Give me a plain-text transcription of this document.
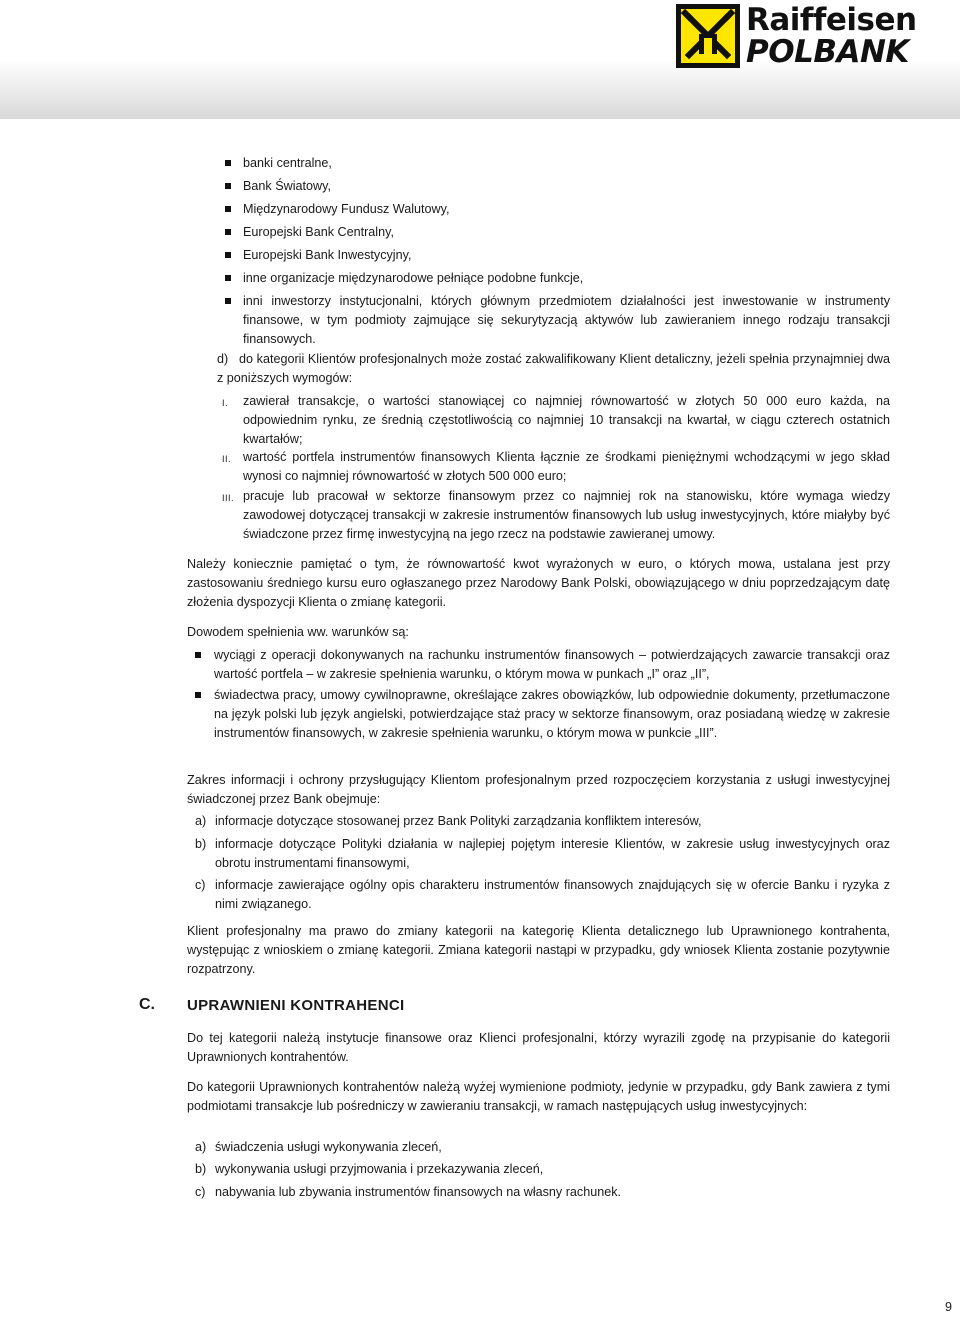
Raiffeisen
POLBANK

banki centralne,

Bank Światowy,

Międzynarodowy Fundusz Walutowy,

Europejski Bank Centralny,

Europejski Bank Inwestycyjny,

inne organizacje międzynarodowe pełniące podobne funkcje,

inni inwestorzy instytucjonalni, których głównym przedmiotem działalności jest inwestowanie w instrumenty finansowe, w tym podmioty zajmujące się sekurytyzacją aktywów lub zawieraniem innego rodzaju transakcji finansowych.

d) do kategorii Klientów profesjonalnych może zostać zakwalifikowany Klient detaliczny, jeżeli spełnia przynajmniej dwa z poniższych wymogów:

I. zawierał transakcje, o wartości stanowiącej co najmniej równowartość w złotych 50 000 euro każda, na odpowiednim rynku, ze średnią częstotliwością co najmniej 10 transakcji na kwartał, w ciągu czterech ostatnich kwartałów;

II. wartość portfela instrumentów finansowych Klienta łącznie ze środkami pieniężnymi wchodzącymi w jego skład wynosi co najmniej równowartość w złotych 500 000 euro;

III. pracuje lub pracował w sektorze finansowym przez co najmniej rok na stanowisku, które wymaga wiedzy zawodowej dotyczącej transakcji w zakresie instrumentów finansowych lub usług inwestycyjnych, które miałyby być świadczone przez firmę inwestycyjną na jego rzecz na podstawie zawieranej umowy.

Należy koniecznie pamiętać o tym, że równowartość kwot wyrażonych w euro, o których mowa, ustalana jest przy zastosowaniu średniego kursu euro ogłaszanego przez Narodowy Bank Polski, obowiązującego w dniu poprzedzającym datę złożenia dyspozycji Klienta o zmianę kategorii.

Dowodem spełnienia ww. warunków są:

wyciągi z operacji dokonywanych na rachunku instrumentów finansowych – potwierdzających zawarcie transakcji oraz wartość portfela – w zakresie spełnienia warunku, o którym mowa w punkach „I” oraz „II”,

świadectwa pracy, umowy cywilnoprawne, określające zakres obowiązków, lub odpowiednie dokumenty, przetłumaczone na język polski lub język angielski, potwierdzające staż pracy w sektorze finansowym, oraz posiadaną wiedzę w zakresie instrumentów finansowych, w zakresie spełnienia warunku, o którym mowa w punkcie „III”.

Zakres informacji i ochrony przysługujący Klientom profesjonalnym przed rozpoczęciem korzystania z usługi inwestycyjnej świadczonej przez Bank obejmuje:

a) informacje dotyczące stosowanej przez Bank Polityki zarządzania konfliktem interesów,

b) informacje dotyczące Polityki działania w najlepiej pojętym interesie Klientów, w zakresie usług inwestycyjnych oraz obrotu instrumentami finansowymi,

c) informacje zawierające ogólny opis charakteru instrumentów finansowych znajdujących się w ofercie Banku i ryzyka z nimi związanego.

Klient profesjonalny ma prawo do zmiany kategorii na kategorię Klienta detalicznego lub Uprawnionego kontrahenta, występując z wnioskiem o zmianę kategorii. Zmiana kategorii nastąpi w przypadku, gdy wniosek Klienta zostanie pozytywnie rozpatrzony.

C. UPRAWNIENI KONTRAHENCI

Do tej kategorii należą instytucje finansowe oraz Klienci profesjonalni, którzy wyrazili zgodę na przypisanie do kategorii Uprawnionych kontrahentów.

Do kategorii Uprawnionych kontrahentów należą wyżej wymienione podmioty, jedynie w przypadku, gdy Bank zawiera z tymi podmiotami transakcje lub pośredniczy w zawieraniu transakcji, w ramach następujących usług inwestycyjnych:

a) świadczenia usługi wykonywania zleceń,

b) wykonywania usługi przyjmowania i przekazywania zleceń,

c) nabywania lub zbywania instrumentów finansowych na własny rachunek.

9
